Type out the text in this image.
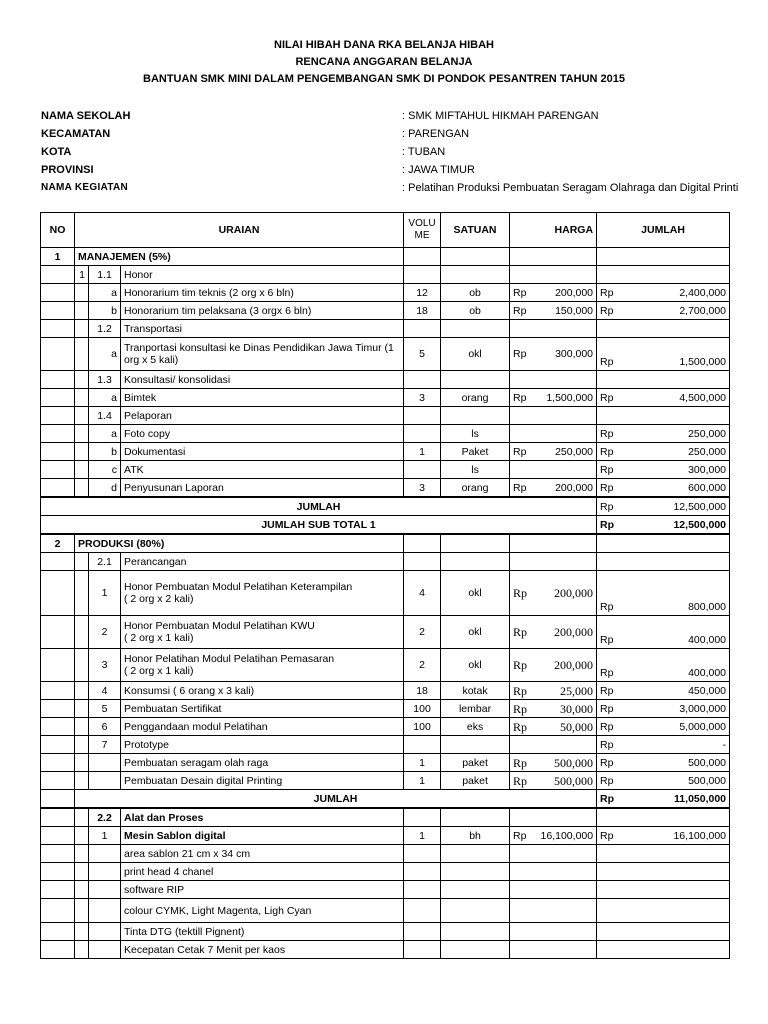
NILAI HIBAH DANA RKA BELANJA HIBAH
RENCANA ANGGARAN BELANJA
BANTUAN SMK MINI DALAM PENGEMBANGAN SMK DI PONDOK PESANTREN TAHUN 2015
NAMA SEKOLAH	: SMK MIFTAHUL HIKMAH PARENGAN
KECAMATAN	: PARENGAN
KOTA	: TUBAN
PROVINSI	: JAWA TIMUR
NAMA KEGIATAN	: Pelatihan Produksi Pembuatan Seragam Olahraga dan Digital Printi
NO	URAIAN			VOLU ME	SATUAN	HARGA		JUMLAH	
1	MANAJEMEN (5%)								
	1	1.1	Honor						
		a	Honorarium tim teknis (2 org x 6 bln)	12	ob	Rp	200,000	Rp	2,400,000
		b	Honorarium tim pelaksana (3 orgx 6 bln)	18	ob	Rp	150,000	Rp	2,700,000
		1.2	Transportasi						
		a	Tranportasi konsultasi ke Dinas Pendidikan Jawa Timur (1 org x 5 kali)	5	okl	Rp	300,000	Rp	1,500,000
		1.3	Konsultasi/ konsolidasi						
		a	Bimtek	3	orang	Rp	1,500,000	Rp	4,500,000
		1.4	Pelaporan						
		a	Foto copy		ls			Rp	250,000
		b	Dokumentasi	1	Paket	Rp	250,000	Rp	250,000
		c	ATK		ls			Rp	300,000
		d	Penyusunan Laporan	3	orang	Rp	200,000	Rp	600,000
JUMLAH								Rp	12,500,000
JUMLAH SUB TOTAL 1								Rp	12,500,000
2	PRODUKSI (80%)								
		2.1	Perancangan						
		1	Honor Pembuatan Modul Pelatihan Keterampilan
( 2 org x 2 kali)	4	okl	Rp	200,000	Rp	800,000
		2	Honor Pembuatan Modul Pelatihan KWU
( 2 org x 1 kali)	2	okl	Rp	200,000	Rp	400,000
		3	Honor Pelatihan Modul Pelatihan Pemasaran
( 2 org x 1 kali)	2	okl	Rp	200,000	Rp	400,000
		4	Konsumsi ( 6 orang x 3 kali)	18	kotak	Rp	25,000	Rp	450,000
		5	Pembuatan Sertifikat	100	lembar	Rp	30,000	Rp	3,000,000
		6	Penggandaan modul Pelatihan	100	eks	Rp	50,000	Rp	5,000,000
		7	Prototype					Rp	-
			Pembuatan seragam olah raga	1	paket	Rp	500,000	Rp	500,000
			Pembuatan Desain digital Printing	1	paket	Rp	500,000	Rp	500,000
	JUMLAH							Rp	11,050,000
		2.2	Alat dan Proses						
		1	Mesin Sablon digital	1	bh	Rp	16,100,000	Rp	16,100,000
			area sablon 21 cm x 34 cm						
			print head 4 chanel						
			software RIP						
			colour CYMK, Light Magenta, Ligh Cyan						
			Tinta DTG (tektill Pignent)						
			Kecepatan Cetak 7 Menit per kaos						
